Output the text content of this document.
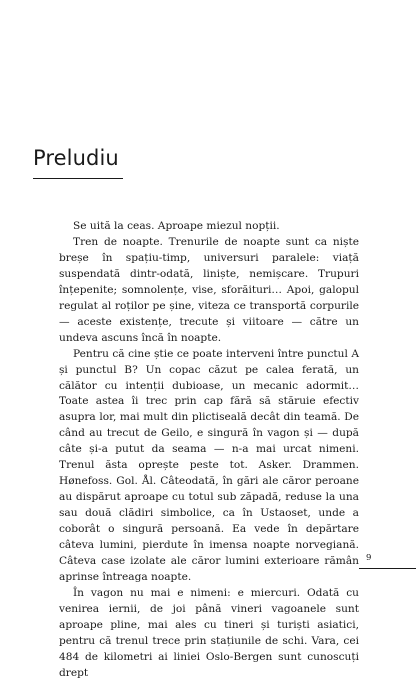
Preludiu

Se uită la ceas. Aproape miezul nopții.

Tren de noapte. Trenurile de noapte sunt ca niște breșe în spațiu-timp, universuri paralele: viață suspendată dintr-odată, liniște, nemișcare. Trupuri înțepenite; somnolențe, vise, sforăituri… Apoi, galopul regulat al roților pe șine, viteza ce transportă corpurile — aceste existențe, trecute și viitoare — către un undeva ascuns încă în noapte.

Pentru că cine știe ce poate interveni între punctul A și punctul B? Un copac căzut pe calea ferată, un călător cu intenții dubioase, un mecanic adormit… Toate astea îi trec prin cap fără să stăruie efectiv asupra lor, mai mult din plictiseală decât din teamă. De când au trecut de Geilo, e singură în vagon și — după câte și-a putut da seama — n-a mai urcat nimeni. Trenul ăsta oprește peste tot. Asker. Drammen. Hønefoss. Gol. Ål. Câteodată, în gări ale căror peroane au dispărut aproape cu totul sub zăpadă, reduse la una sau două clădiri simbolice, ca în Ustaoset, unde a coborât o singură persoană. Ea vede în depărtare câteva lumini, pierdute în imensa noapte norvegiană. Câteva case izolate ale căror lumini exterioare rămân aprinse întreaga noapte.

În vagon nu mai e nimeni: e miercuri. Odată cu venirea iernii, de joi până vineri vagoanele sunt aproape pline, mai ales cu tineri și turiști asiatici, pentru că trenul trece prin stațiunile de schi. Vara, cei 484 de kilometri ai liniei Oslo-Bergen sunt cunoscuți drept

9
